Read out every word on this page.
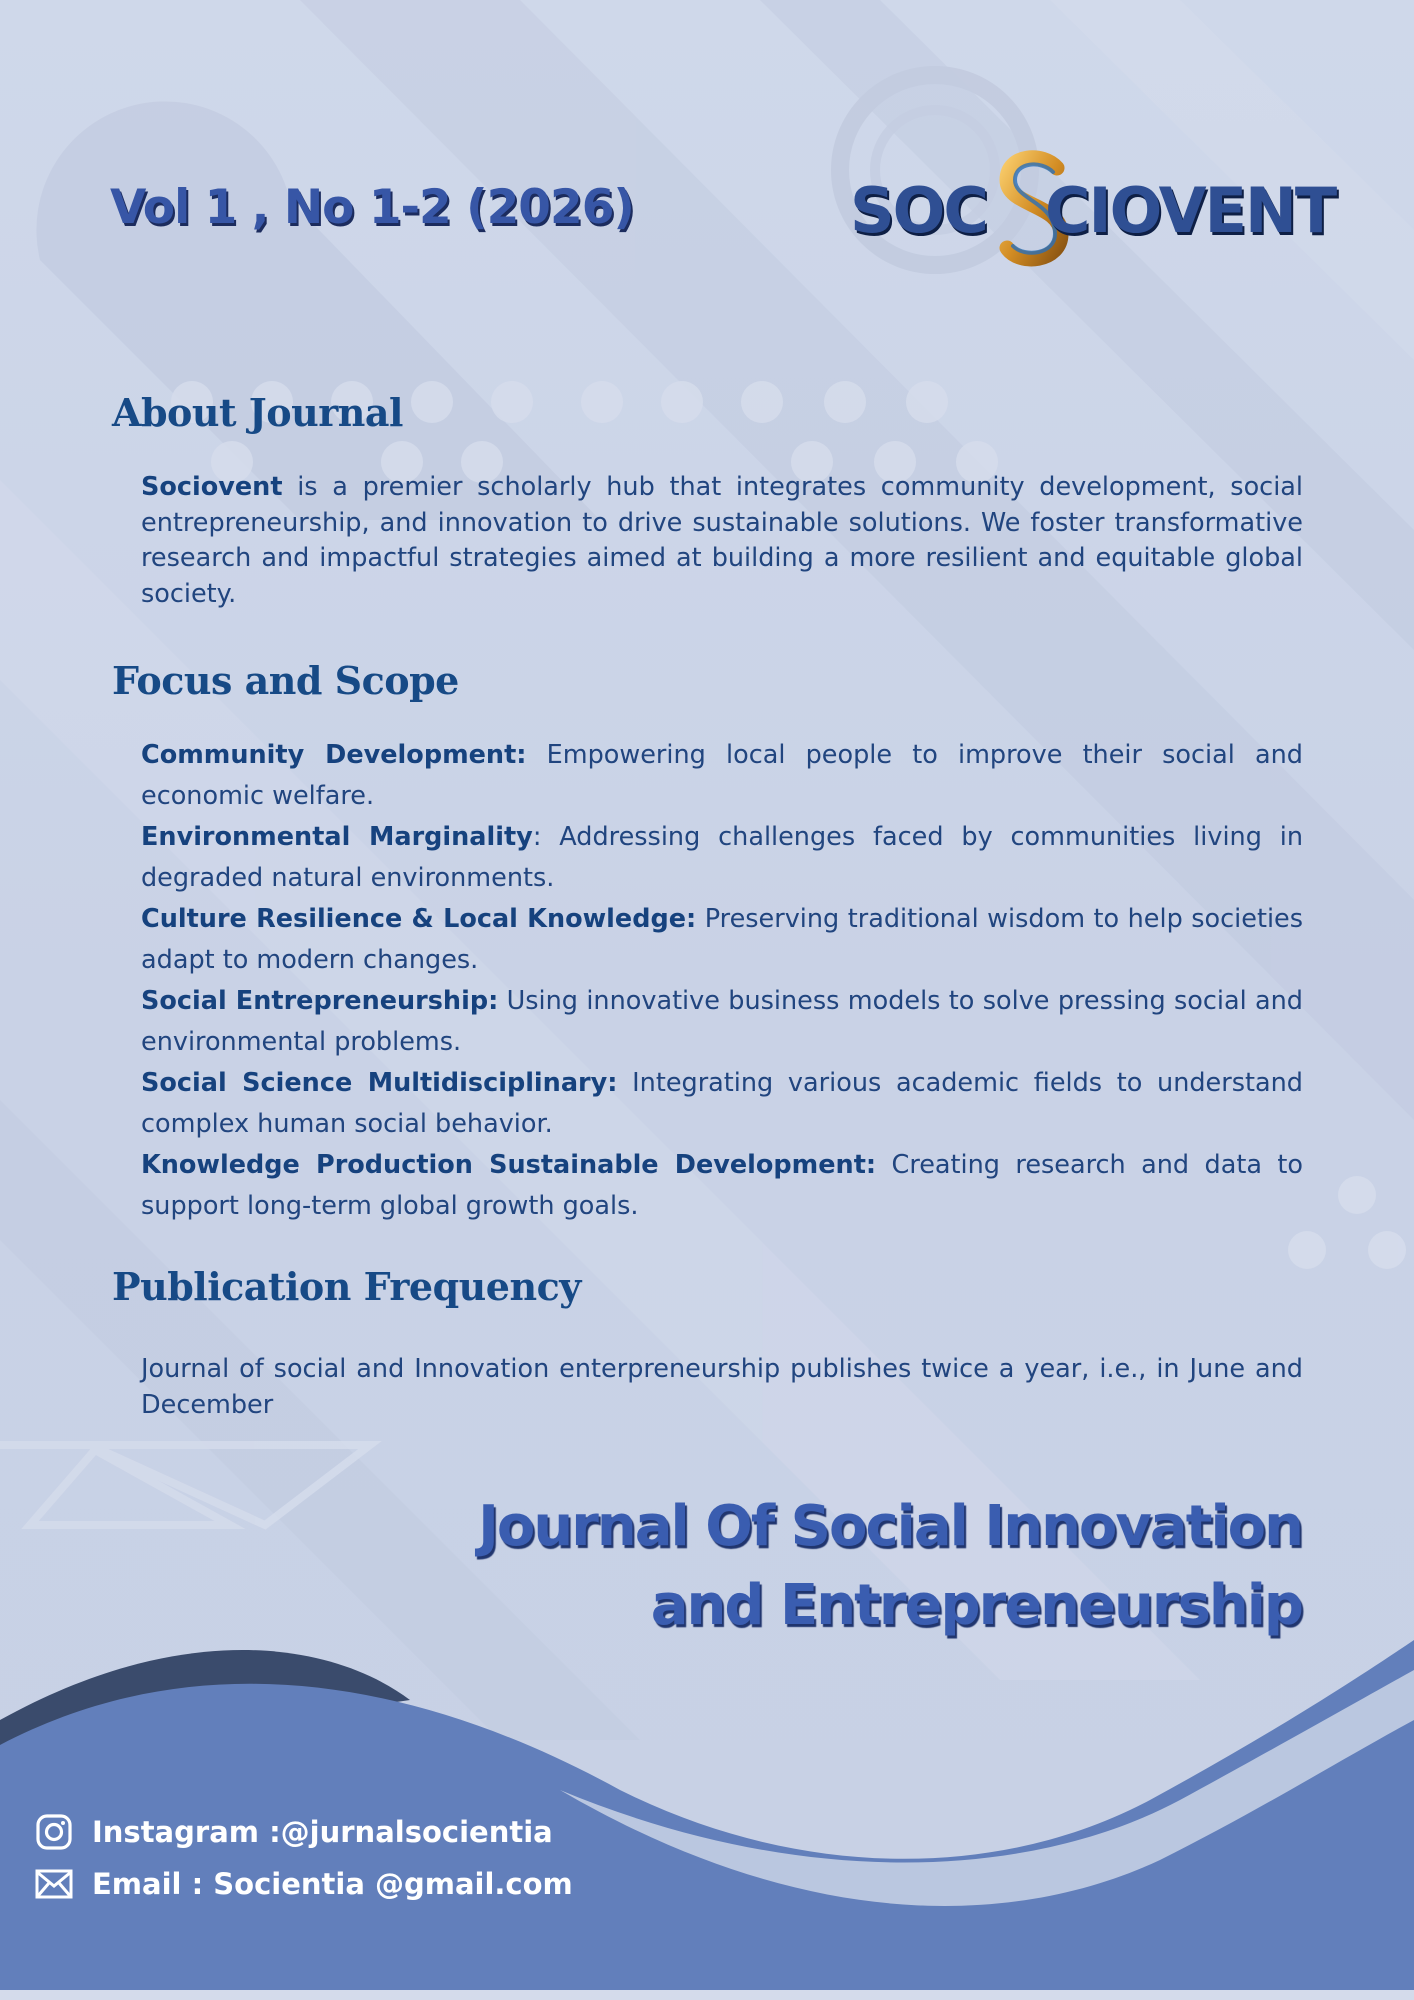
Vol 1 , No 1-2 (2026)	SOC CIOVENT
About Journal

Sociovent is a premier scholarly hub that integrates community development, social entrepreneurship, and innovation to drive sustainable solutions. We foster transformative research and impactful strategies aimed at building a more resilient and equitable global society.

Focus and Scope
Community Development: Empowering local people to improve their social and economic welfare.
Environmental Marginality: Addressing challenges faced by communities living in degraded natural environments.
Culture Resilience & Local Knowledge: Preserving traditional wisdom to help societies adapt to modern changes.
Social Entrepreneurship: Using innovative business models to solve pressing social and environmental problems.
Social Science Multidisciplinary: Integrating various academic fields to understand complex human social behavior.
Knowledge Production Sustainable Development: Creating research and data to support long-term global growth goals.
Publication Frequency

Journal of social and Innovation enterpreneurship publishes twice a year, i.e., in June and December

Journal Of Social Innovation
and Entrepreneurship
Instagram :@jurnalsocientia
Email : Socientia @gmail.com
